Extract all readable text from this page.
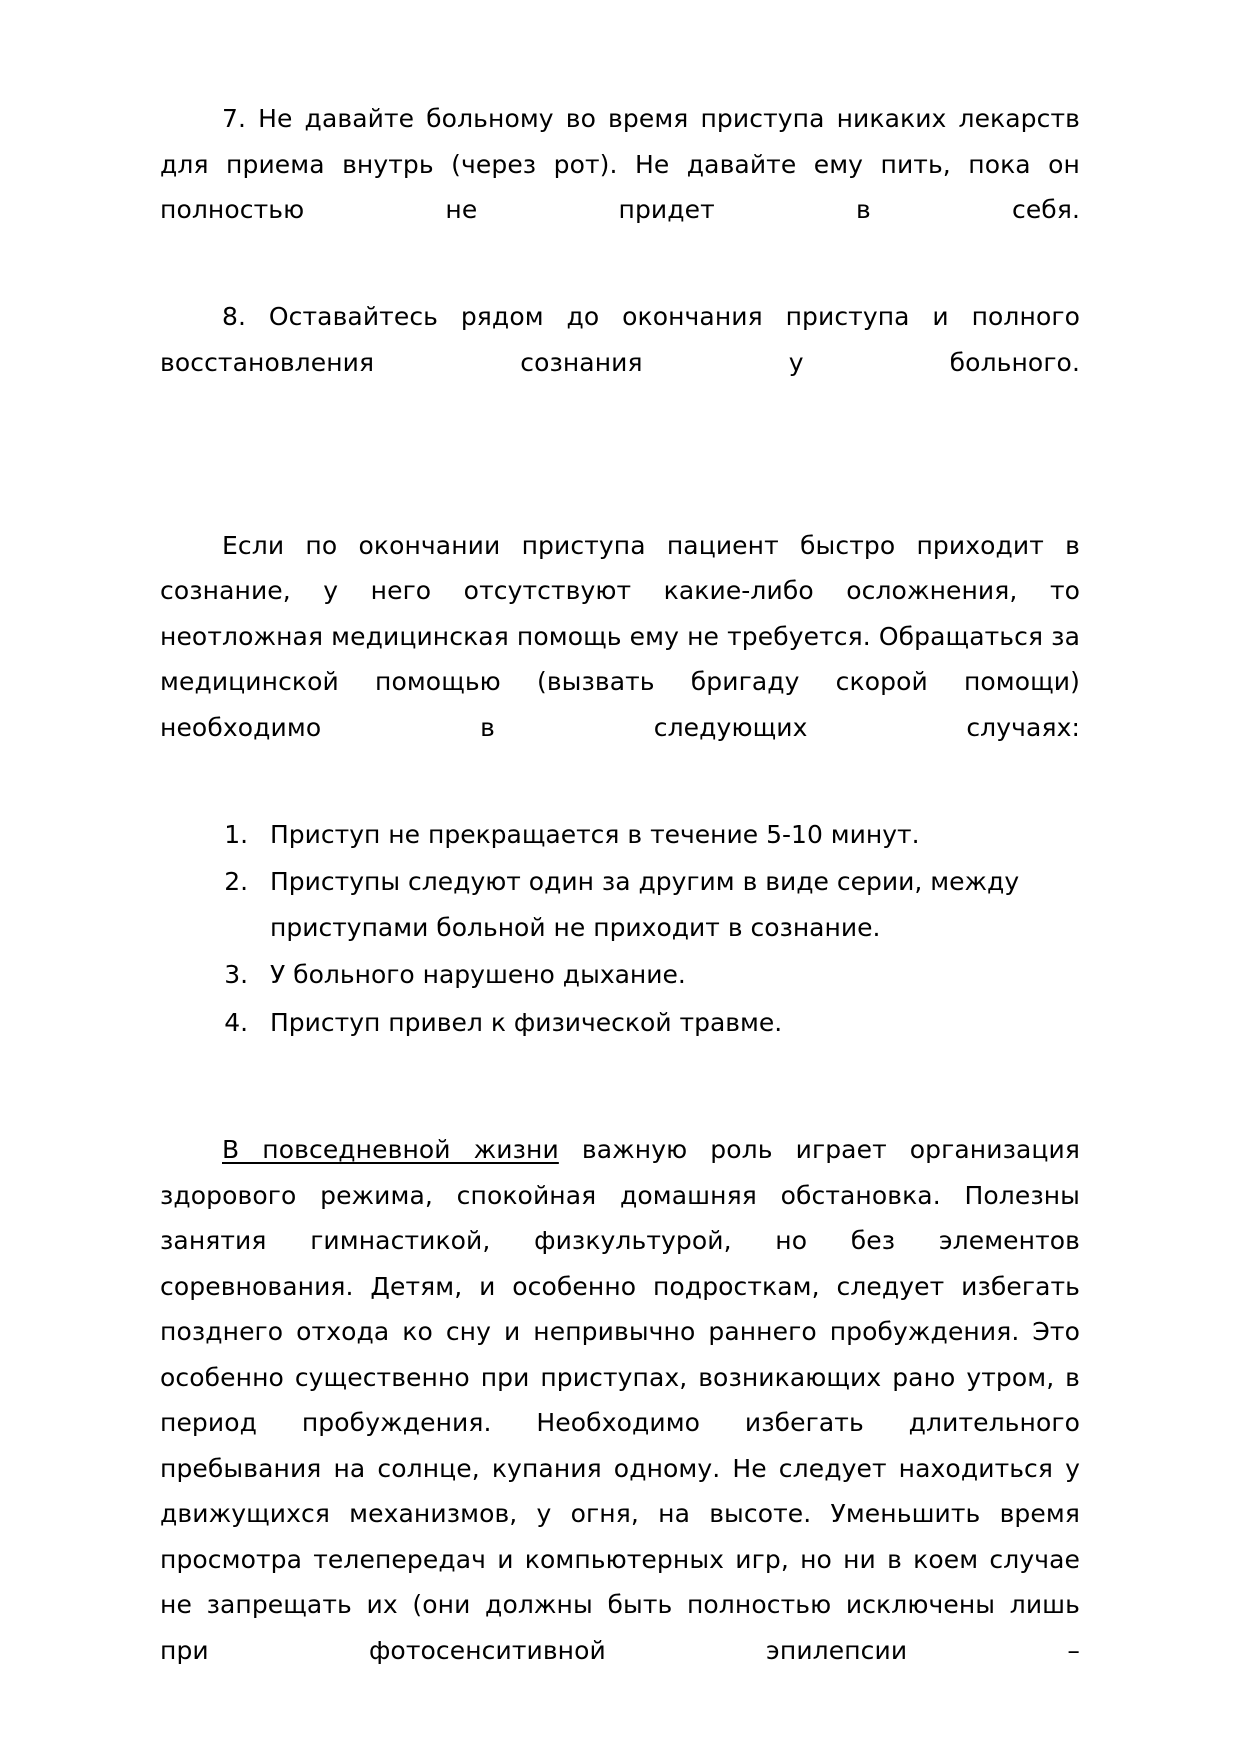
7. Не давайте больному во время приступа никаких лекарств для приема внутрь (через рот). Не давайте ему пить, пока он полностью не придет в себя.

8. Оставайтесь рядом до окончания приступа и полного восстановления сознания у больного.

Если по окончании приступа пациент быстро приходит в сознание, у него отсутствуют какие-либо осложнения, то неотложная медицинская помощь ему не требуется. Обращаться за медицинской помощью (вызвать бригаду скорой помощи) необходимо в следующих случаях:

1. Приступ не прекращается в течение 5-10 минут.
2. Приступы следуют один за другим в виде серии, между приступами больной не приходит в сознание.
3. У больного нарушено дыхание.
4. Приступ привел к физической травме.

В повседневной жизни важную роль играет организация здорового режима, спокойная домашняя обстановка. Полезны занятия гимнастикой, физкультурой, но без элементов соревнования. Детям, и особенно подросткам, следует избегать позднего отхода ко сну и непривычно раннего пробуждения. Это особенно существенно при приступах, возникающих рано утром, в период пробуждения. Необходимо избегать длительного пребывания на солнце, купания одному. Не следует находиться у движущихся механизмов, у огня, на высоте. Уменьшить время просмотра телепередач и компьютерных игр, но ни в коем случае не запрещать их (они должны быть полностью исключены лишь при фотосенситивной эпилепсии –
